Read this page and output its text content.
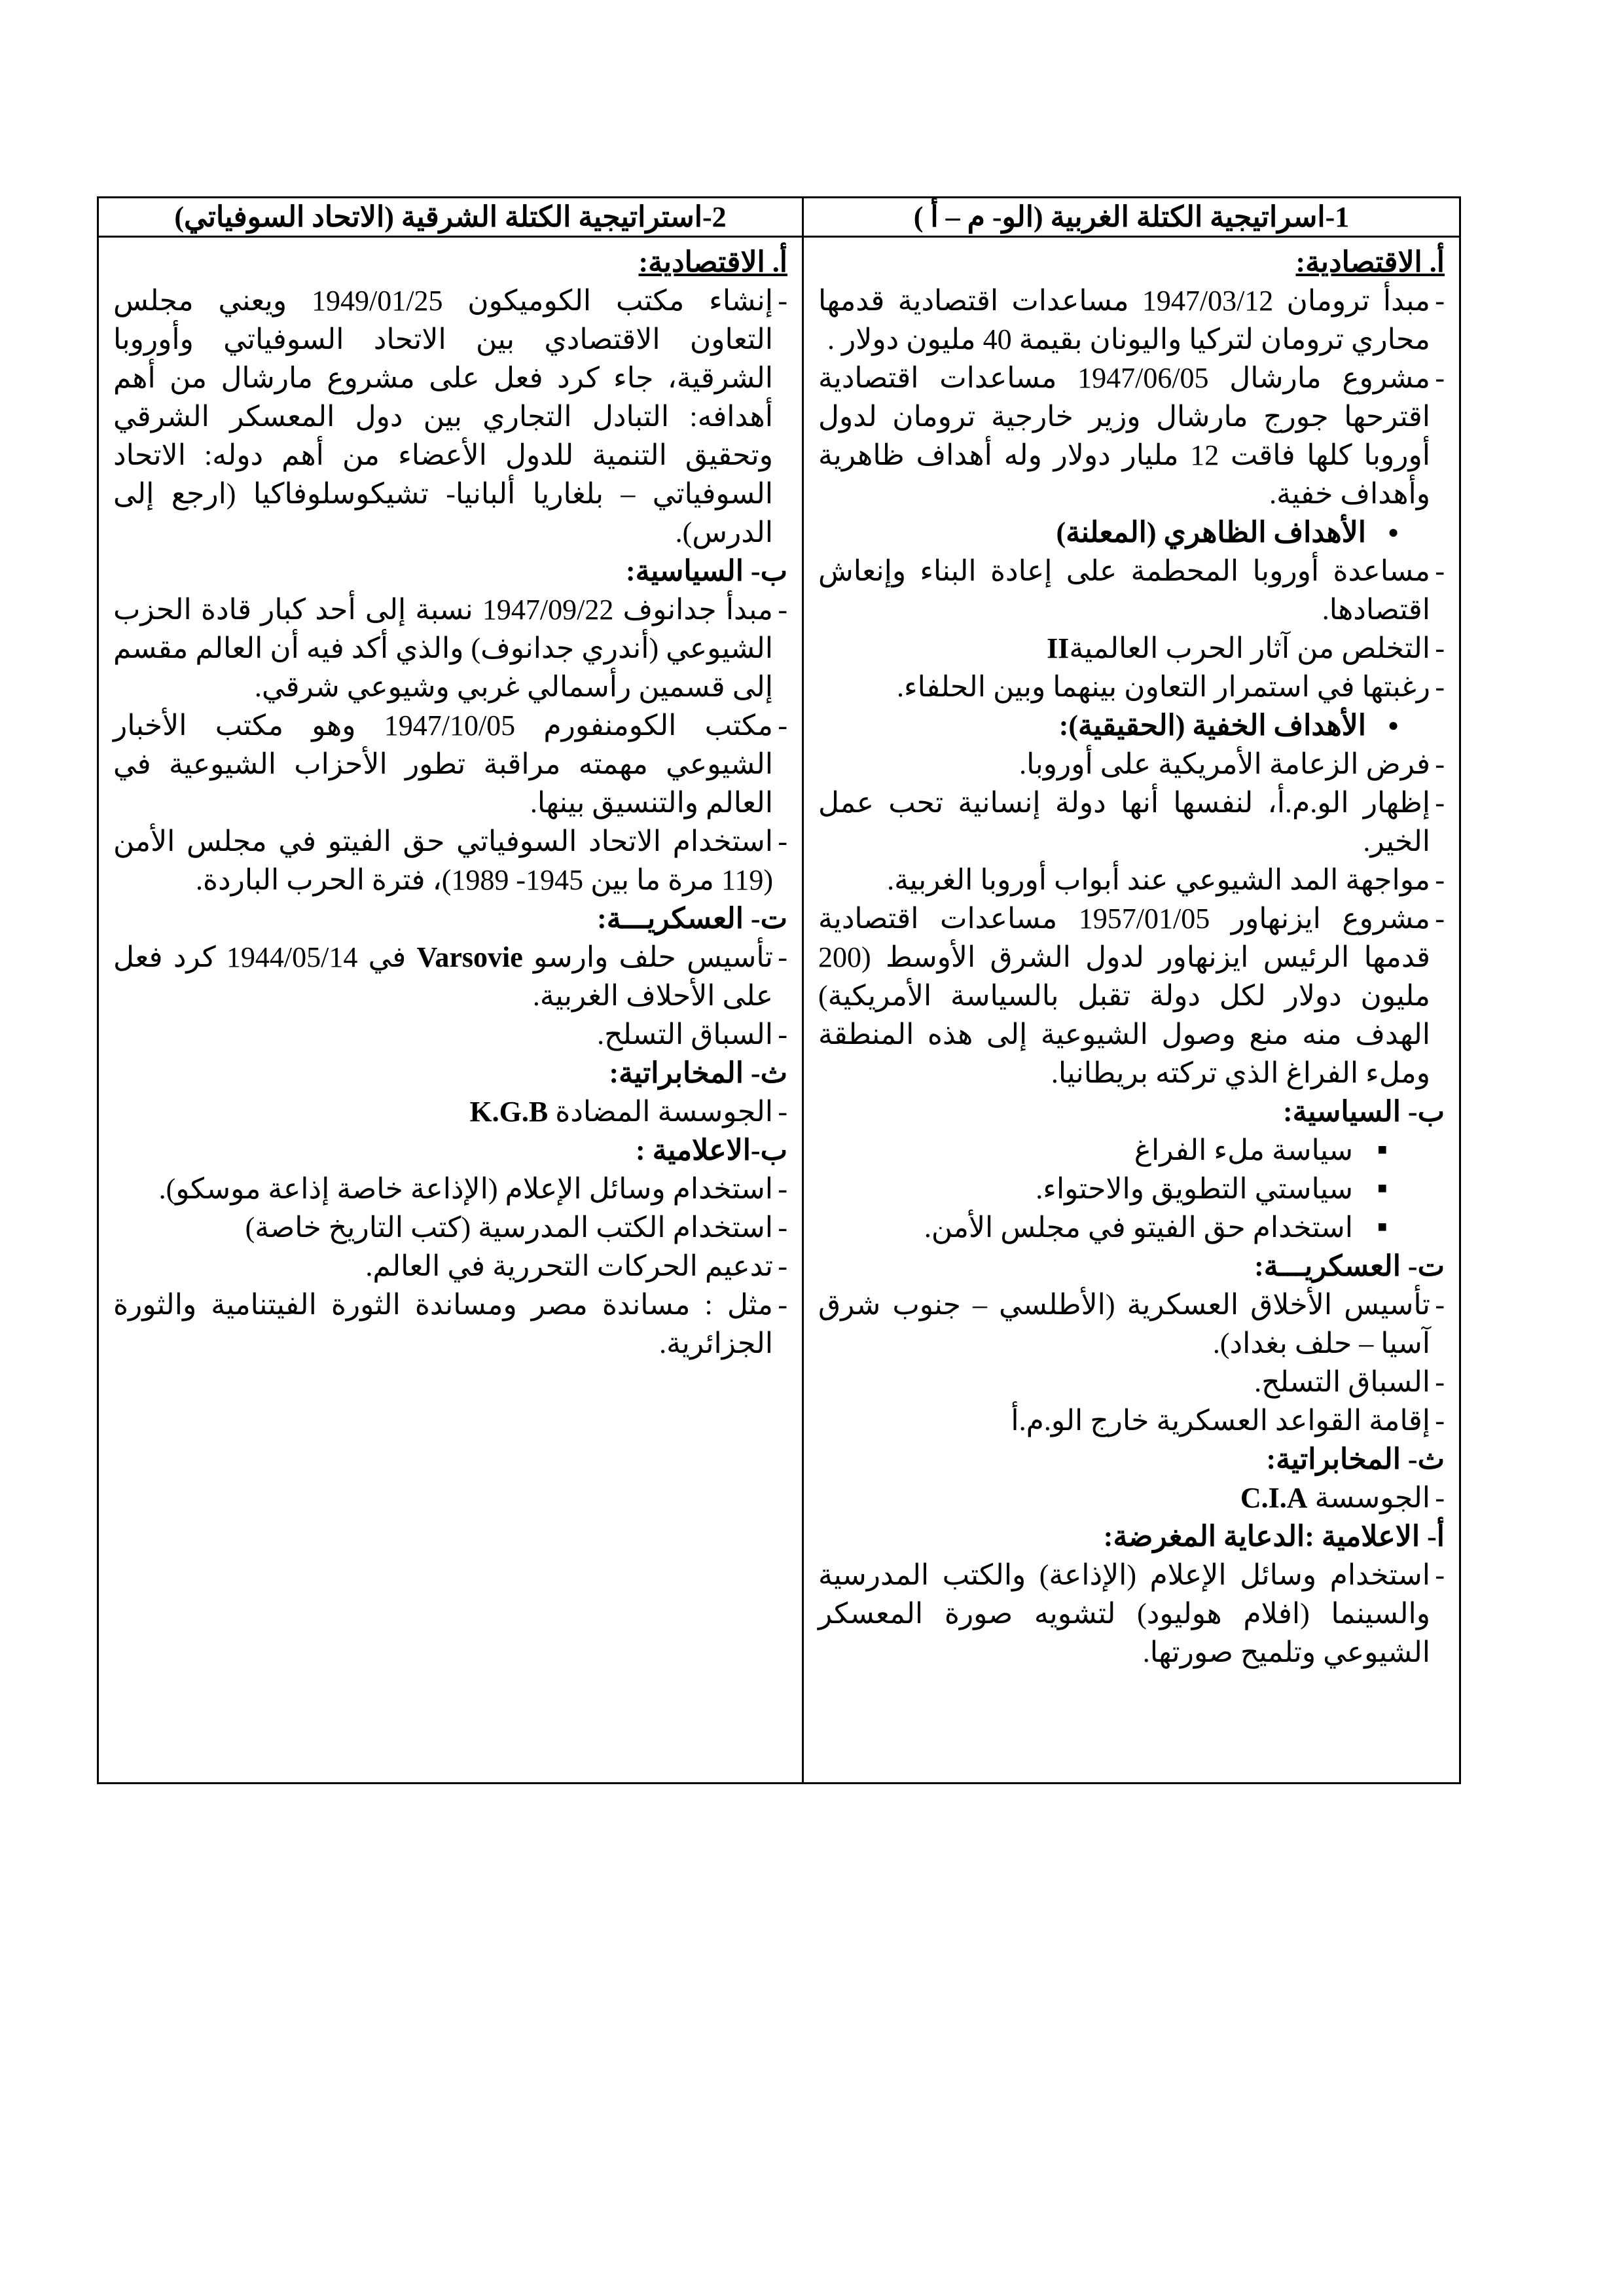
1-اسراتيجية الكتلة الغربية (الو- م – أ )
2-استراتيجية الكتلة الشرقية (الاتحاد السوفياتي)

أ. الاقتصادية:

- مبدأ ترومان 1947/03/12 مساعدات اقتصادية قدمها محاري ترومان لتركيا واليونان بقيمة 40 مليون دولار .

- مشروع مارشال 1947/06/05 مساعدات اقتصادية اقترحها جورج مارشال وزير خارجية ترومان لدول أوروبا كلها فاقت 12 مليار دولار وله أهداف ظاهرية وأهداف خفية.

● الأهداف الظاهري (المعلنة)

- مساعدة أوروبا المحطمة على إعادة البناء وإنعاش اقتصادها.

- التخلص من آثار الحرب العالميةII

- رغبتها في استمرار التعاون بينهما وبين الحلفاء.

● الأهداف الخفية (الحقيقية):

- فرض الزعامة الأمريكية على أوروبا.

- إظهار الو.م.أ، لنفسها أنها دولة إنسانية تحب عمل الخير.

- مواجهة المد الشيوعي عند أبواب أوروبا الغربية.

- مشروع ايزنهاور 1957/01/05 مساعدات اقتصادية قدمها الرئيس ايزنهاور لدول الشرق الأوسط (200 مليون دولار لكل دولة تقبل بالسياسة الأمريكية) الهدف منه منع وصول الشيوعية إلى هذه المنطقة وملء الفراغ الذي تركته بريطانيا.

ب- السياسية:

■ سياسة ملء الفراغ

■ سياستي التطويق والاحتواء.

■ استخدام حق الفيتو في مجلس الأمن.

ت- العسكريـــة:

- تأسيس الأخلاق العسكرية (الأطلسي – جنوب شرق آسيا – حلف بغداد).

- السباق التسلح.

- إقامة القواعد العسكرية خارج الو.م.أ

ث- المخابراتية:

- الجوسسة C.I.A

أ- الاعلامية :الدعاية المغرضة:

- استخدام وسائل الإعلام (الإذاعة) والكتب المدرسية والسينما (افلام هوليود) لتشويه صورة المعسكر الشيوعي وتلميح صورتها.

أ. الاقتصادية:

- إنشاء مكتب الكوميكون 1949/01/25 ويعني مجلس التعاون الاقتصادي بين الاتحاد السوفياتي وأوروبا الشرقية، جاء كرد فعل على مشروع مارشال من أهم أهدافه: التبادل التجاري بين دول المعسكر الشرقي وتحقيق التنمية للدول الأعضاء من أهم دوله: الاتحاد السوفياتي – بلغاريا ألبانيا- تشيكوسلوفاكيا (ارجع إلى الدرس).

ب- السياسية:

- مبدأ جدانوف 1947/09/22 نسبة إلى أحد كبار قادة الحزب الشيوعي (أندري جدانوف) والذي أكد فيه أن العالم مقسم إلى قسمين رأسمالي غربي وشيوعي شرقي.

- مكتب الكومنفورم 1947/10/05 وهو مكتب الأخبار الشيوعي مهمته مراقبة تطور الأحزاب الشيوعية في العالم والتنسيق بينها.

- استخدام الاتحاد السوفياتي حق الفيتو في مجلس الأمن (119 مرة ما بين 1945- 1989)، فترة الحرب الباردة.

ت- العسكريـــة:

- تأسيس حلف وارسو Varsovie في 1944/05/14 كرد فعل على الأحلاف الغربية.

- السباق التسلح.

ث- المخابراتية:

- الجوسسة المضادة K.G.B

ب-الاعلامية :

- استخدام وسائل الإعلام (الإذاعة خاصة إذاعة موسكو).

- استخدام الكتب المدرسية (كتب التاريخ خاصة)

- تدعيم الحركات التحررية في العالم.

- مثل : مساندة مصر ومساندة الثورة الفيتنامية والثورة الجزائرية.
